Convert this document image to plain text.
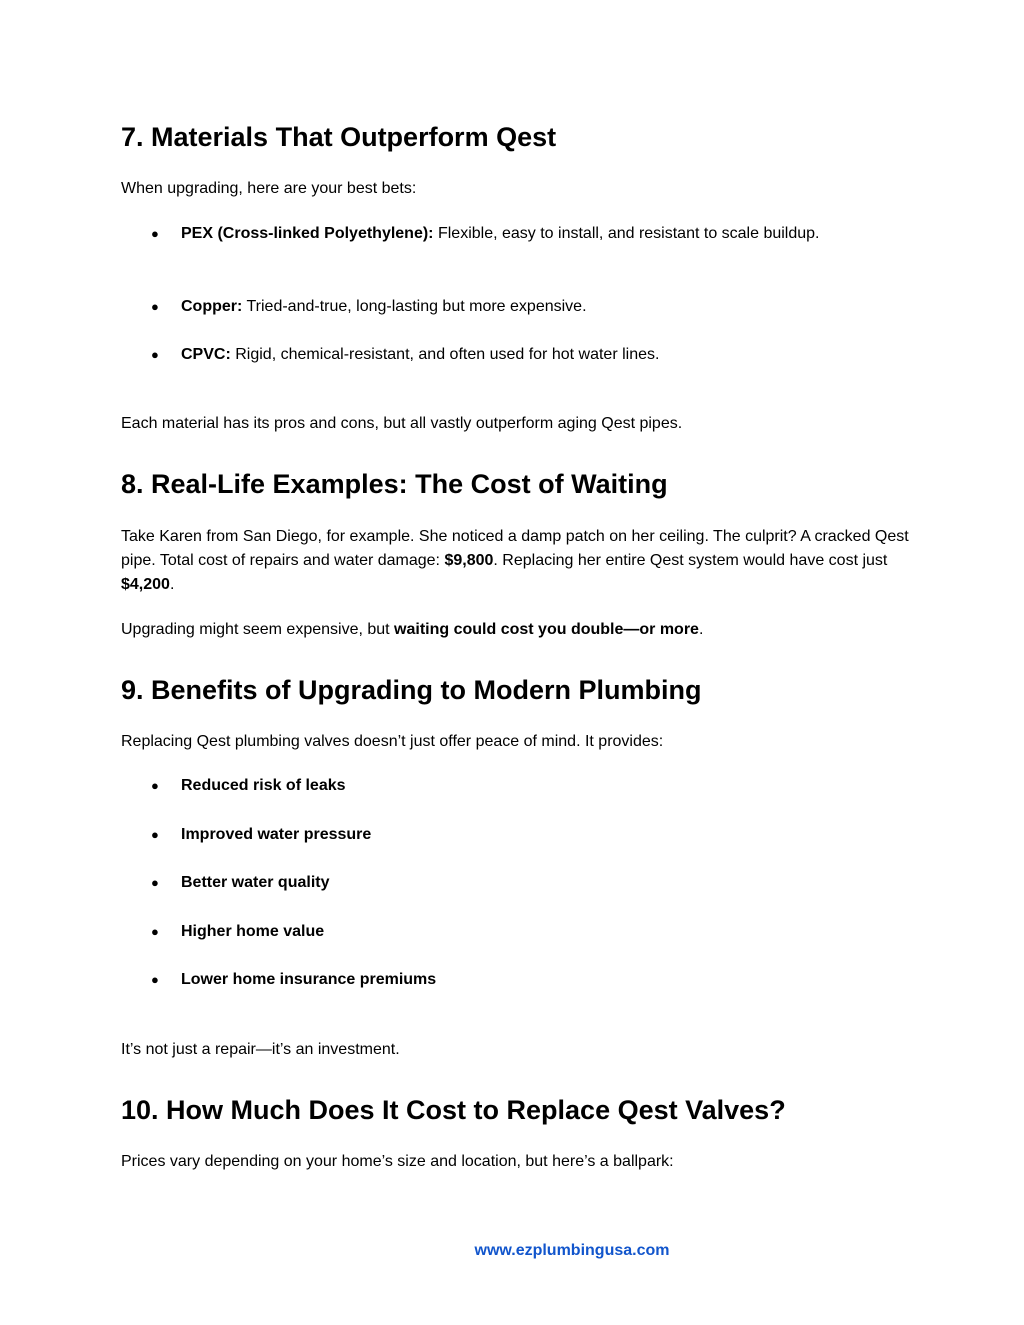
7. Materials That Outperform Qest

When upgrading, here are your best bets:

● PEX (Cross-linked Polyethylene): Flexible, easy to install, and resistant to scale buildup.
● Copper: Tried-and-true, long-lasting but more expensive.
● CPVC: Rigid, chemical-resistant, and often used for hot water lines.

Each material has its pros and cons, but all vastly outperform aging Qest pipes.

8. Real-Life Examples: The Cost of Waiting

Take Karen from San Diego, for example. She noticed a damp patch on her ceiling. The culprit? A cracked Qest pipe. Total cost of repairs and water damage: $9,800. Replacing her entire Qest system would have cost just $4,200.

Upgrading might seem expensive, but waiting could cost you double—or more.

9. Benefits of Upgrading to Modern Plumbing

Replacing Qest plumbing valves doesn’t just offer peace of mind. It provides:

● Reduced risk of leaks
● Improved water pressure
● Better water quality
● Higher home value
● Lower home insurance premiums

It’s not just a repair—it’s an investment.

10. How Much Does It Cost to Replace Qest Valves?

Prices vary depending on your home’s size and location, but here’s a ballpark:

www.ezplumbingusa.com
